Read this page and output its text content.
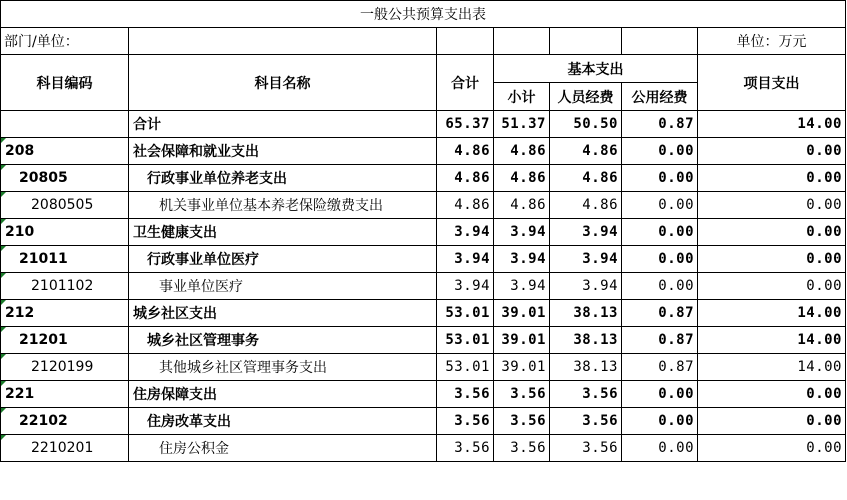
一般公共预算支出表						
部门/单位：						单位：万元
科目编码	科目名称	合计	基本支出			项目支出
			小计	人员经费	公用经费	
	合计	65.37	51.37	50.50	0.87	14.00
208	社会保障和就业支出	4.86	4.86	4.86	0.00	0.00
20805	行政事业单位养老支出	4.86	4.86	4.86	0.00	0.00
2080505	机关事业单位基本养老保险缴费支出	4.86	4.86	4.86	0.00	0.00
210	卫生健康支出	3.94	3.94	3.94	0.00	0.00
21011	行政事业单位医疗	3.94	3.94	3.94	0.00	0.00
2101102	事业单位医疗	3.94	3.94	3.94	0.00	0.00
212	城乡社区支出	53.01	39.01	38.13	0.87	14.00
21201	城乡社区管理事务	53.01	39.01	38.13	0.87	14.00
2120199	其他城乡社区管理事务支出	53.01	39.01	38.13	0.87	14.00
221	住房保障支出	3.56	3.56	3.56	0.00	0.00
22102	住房改革支出	3.56	3.56	3.56	0.00	0.00
2210201	住房公积金	3.56	3.56	3.56	0.00	0.00
